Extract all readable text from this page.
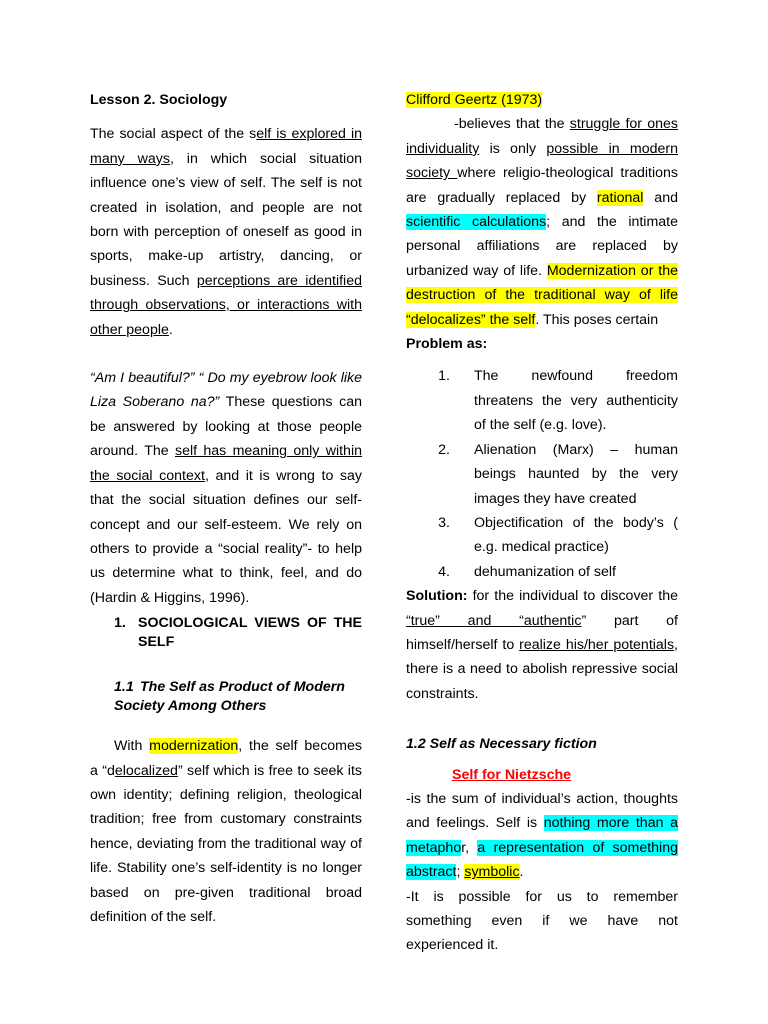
Lesson 2. Sociology

The social aspect of the self is explored in many ways, in which social situation influence one’s view of self. The self is not created in isolation, and people are not born with perception of oneself as good in sports, make-up artistry, dancing, or business. Such perceptions are identified through observations, or interactions with other people.

“Am I beautiful?” “ Do my eyebrow look like Liza Soberano na?” These questions can be answered by looking at those people around. The self has meaning only within the social context, and it is wrong to say that the social situation defines our self-concept and our self-esteem. We rely on others to provide a “social reality”- to help us determine what to think, feel, and do (Hardin & Higgins, 1996).

1. SOCIOLOGICAL VIEWS OF THE SELF
1.1 The Self as Product of Modern Society Among Others

With modernization, the self becomes a “delocalized” self which is free to seek its own identity; defining religion, theological tradition; free from customary constraints hence, deviating from the traditional way of life. Stability one’s self-identity is no longer based on pre-given traditional broad definition of the self.

Clifford Geertz (1973)

-believes that the struggle for ones individuality is only possible in modern society where religio-theological traditions are gradually replaced by rational and scientific calculations; and the intimate personal affiliations are replaced by urbanized way of life. Modernization or the destruction of the traditional way of life “delocalizes” the self. This poses certain

Problem as:
1.	The newfound freedom threatens the very authenticity of the self (e.g. love).
2.	Alienation (Marx) – human beings haunted by the very images they have created
3.	Objectification of the body’s ( e.g. medical practice)
4.	dehumanization of self

Solution: for the individual to discover the “true” and “authentic” part of himself/herself to realize his/her potentials, there is a need to abolish repressive social constraints.

1.2 Self as Necessary fiction
Self for Nietzsche

-is the sum of individual’s action, thoughts and feelings. Self is nothing more than a metaphor, a representation of something abstract; symbolic.

-It is possible for us to remember something even if we have not experienced it.
